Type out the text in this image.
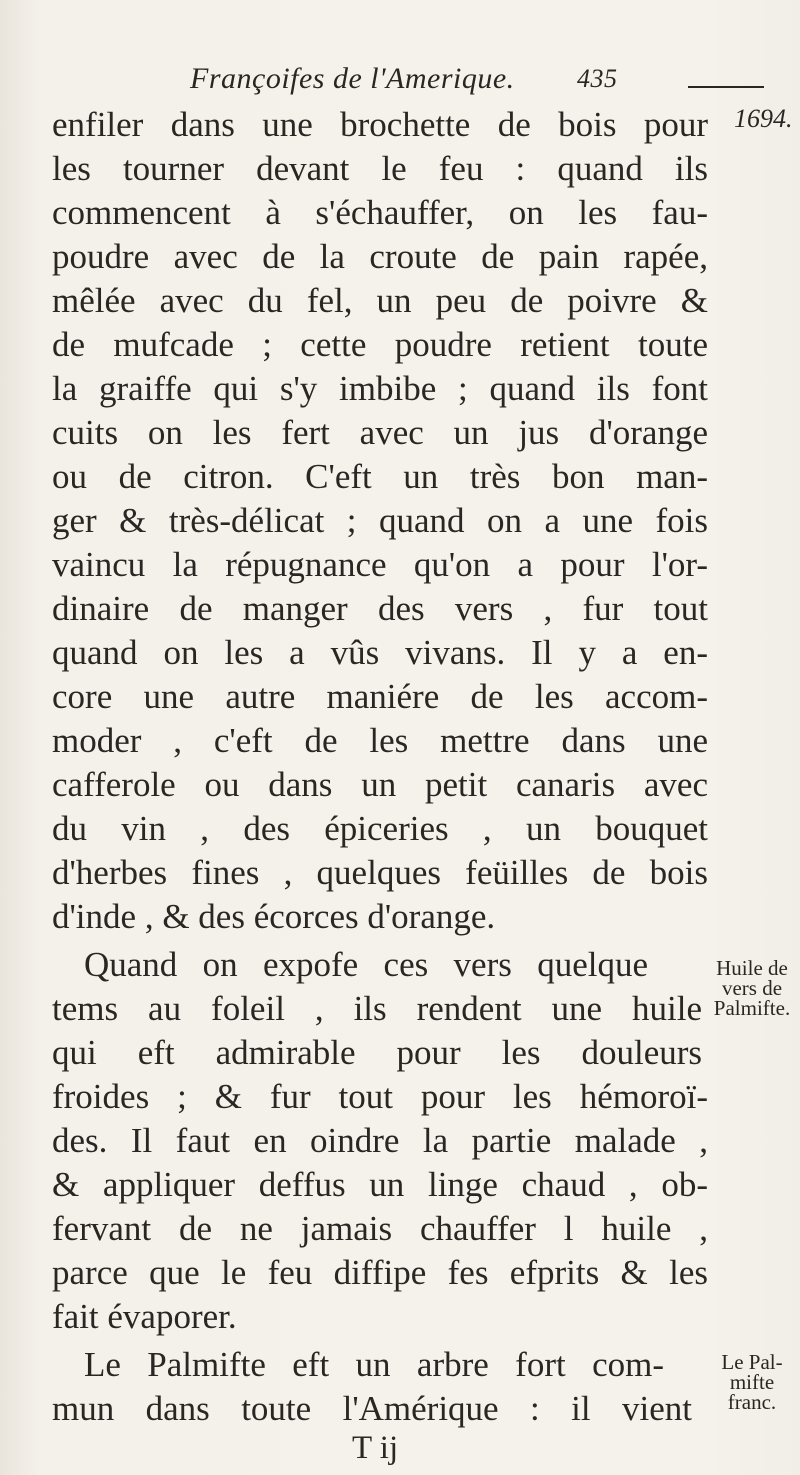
Françoifes de l'Amerique. 435
1694.
enfiler dans une brochette de bois pour
les tourner devant le feu : quand ils
commencent à s'échauffer, on les fau-
poudre avec de la croute de pain rapée,
mêlée avec du fel, un peu de poivre &
de mufcade ; cette poudre retient toute
la graiffe qui s'y imbibe ; quand ils font
cuits on les fert avec un jus d'orange
ou de citron. C'eft un très bon man-
ger & très-délicat ; quand on a une fois
vaincu la répugnance qu'on a pour l'or-
dinaire de manger des vers , fur tout
quand on les a vûs vivans. Il y a en-
core une autre maniére de les accom-
moder , c'eft de les mettre dans une
cafferole ou dans un petit canaris avec
du vin , des épiceries , un bouquet
d'herbes fines , quelques feüilles de bois
d'inde , & des écorces d'orange.
Quand on expofe ces vers quelque
tems au foleil , ils rendent une huile
qui eft admirable pour les douleurs
froides ; & fur tout pour les hémoroï-
des. Il faut en oindre la partie malade ,
& appliquer deffus un linge chaud , ob-
fervant de ne jamais chauffer l huile ,
parce que le feu diffipe fes efprits & les
fait évaporer.
Le Palmifte eft un arbre fort com-
mun dans toute l'Amérique : il vient
Huile de
vers de
Palmifte.
Le Pal-
mifte
franc.
T ij
